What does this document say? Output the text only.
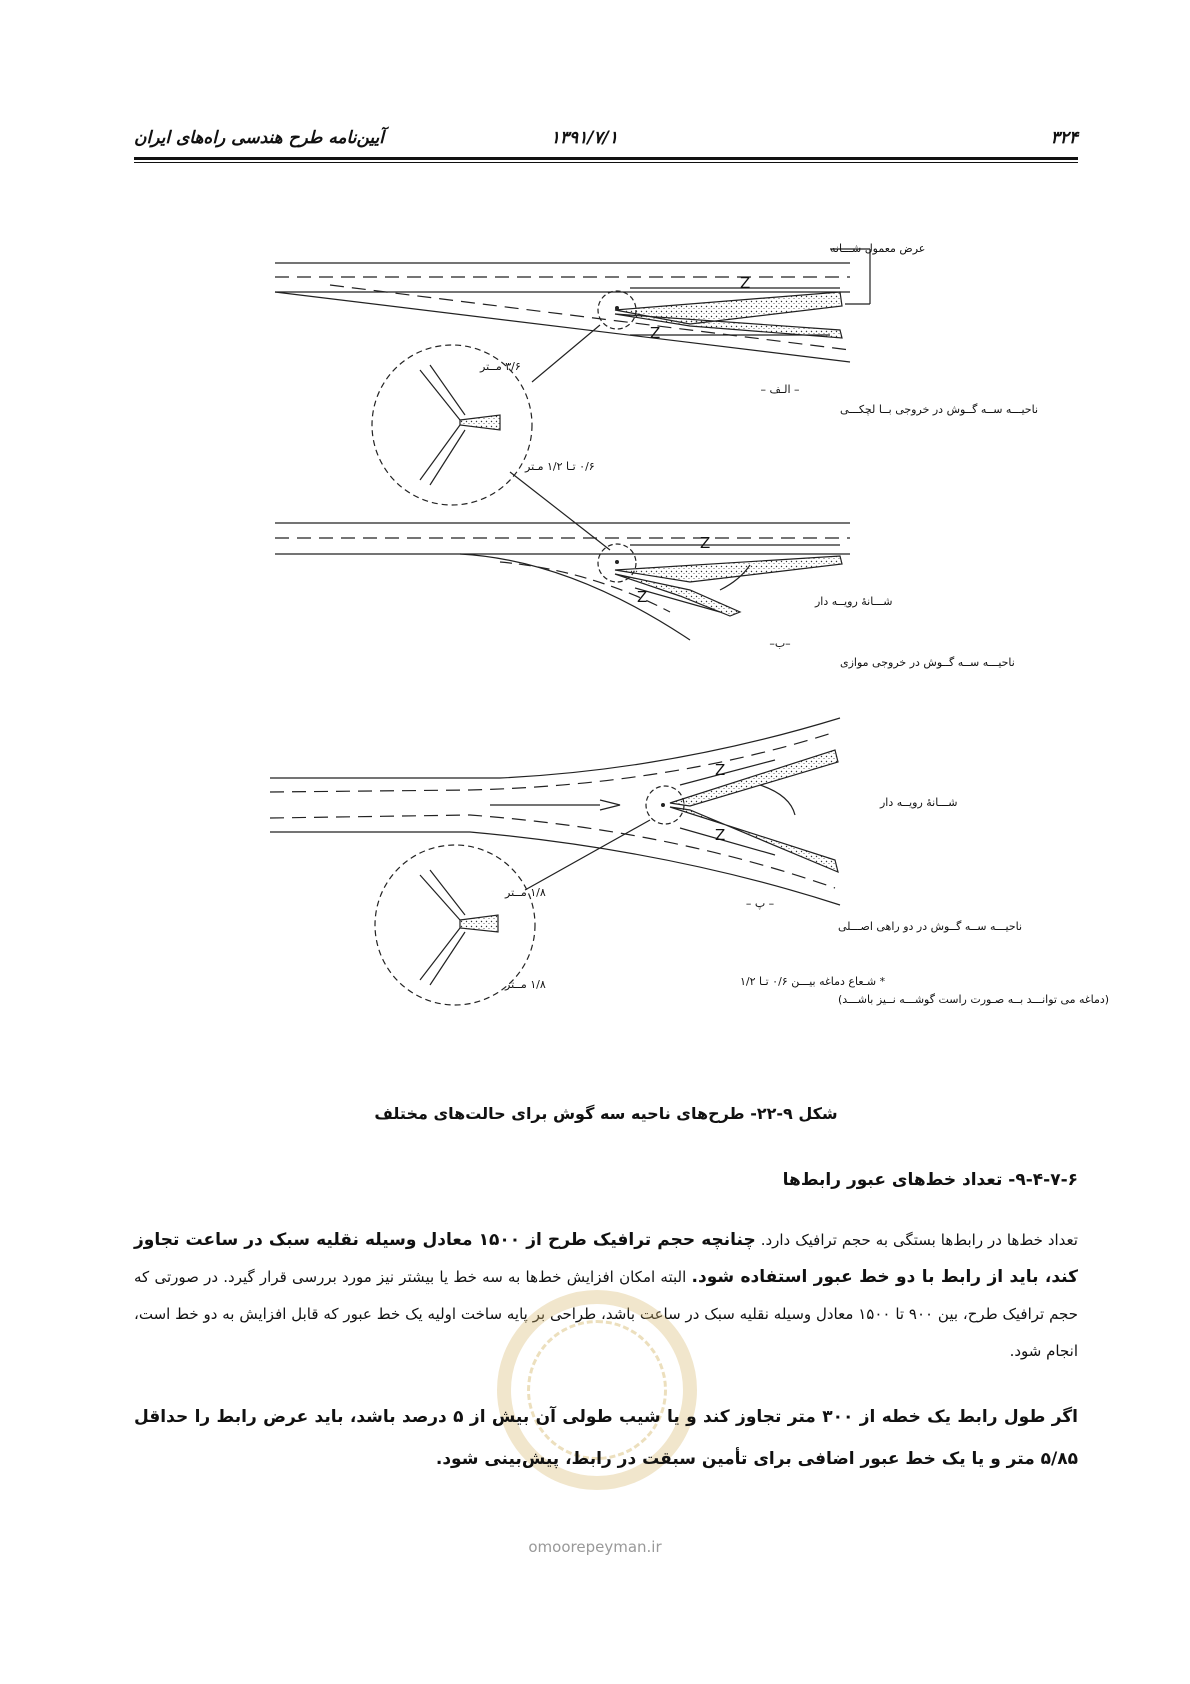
۳۲۴
۱۳۹۱/۷/۱
آیین‌نامه طرح هندسی راه‌های ایران
عرض معمول شـــانه
Z
Z
– الـف –
ناحیـــه ســه گــوش در خروجی بــا لچکـــی
۳/۶ مــتر
۰/۶ تـا ۱/۲ مـتر
Z
Z	شـــانهٔ رویــه دار
–ب–
ناحیـــه ســه گــوش در خروجی موازی
Z
Z
شـــانهٔ رویــه دار
– پ –
ناحیـــه ســه گــوش در دو راهی اصـــلی
۱/۸ مــتر
۱/۸ مــتر	* شـعاع دماغه بیـــن ۰/۶ تـا ۱/۲
(دماغه می توانـــد بــه صـورت راست گوشـــه نــیز باشـــد)
شکل ۹-۲۲- طرح‌های ناحیه سه گوش برای حالت‌های مختلف
۹-۴-۷-۶- تعداد خط‌های عبور رابط‌ها
تعداد خط‌ها در رابط‌ها بستگی به حجم ترافیک دارد. چنانچه حجم ترافیک طرح از ۱۵۰۰ معادل وسیله نقلیه سبک در ساعت تجاوز کند، باید از رابط با دو خط عبور استفاده شود. البته امکان افزایش خط‌ها به سه خط یا بیشتر نیز مورد بررسی قرار گیرد. در صورتی که حجم ترافیک طرح، بین ۹۰۰ تا ۱۵۰۰ معادل وسیله نقلیه سبک در ساعت باشد، طراحی بر پایه ساخت اولیه یک خط عبور که قابل افزایش به دو خط است، انجام شود.
اگر طول رابط یک خطه از ۳۰۰ متر تجاوز کند و یا شیب طولی آن بیش از ۵ درصد باشد، باید عرض رابط را حداقل ۵/۸۵ متر و یا یک خط عبور اضافی برای تأمین سبقت در رابط، پیش‌بینی شود.
omoorepeyman.ir
